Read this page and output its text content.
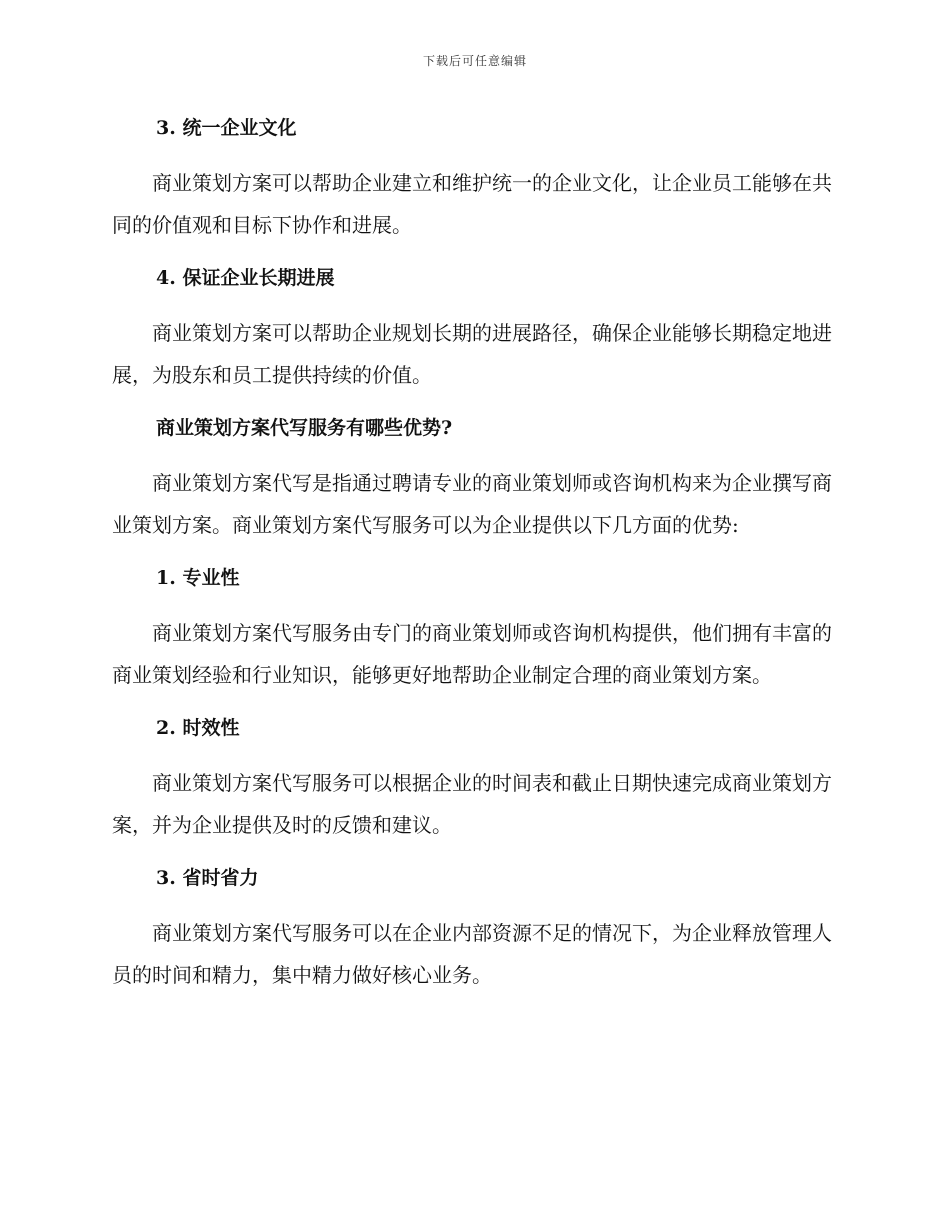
下载后可任意编辑
3. 统一企业文化

商业策划方案可以帮助企业建立和维护统一的企业文化，让企业员工能够在共同的价值观和目标下协作和进展。

4. 保证企业长期进展

商业策划方案可以帮助企业规划长期的进展路径，确保企业能够长期稳定地进展，为股东和员工提供持续的价值。

商业策划方案代写服务有哪些优势?

商业策划方案代写是指通过聘请专业的商业策划师或咨询机构来为企业撰写商业策划方案。商业策划方案代写服务可以为企业提供以下几方面的优势:

1. 专业性

商业策划方案代写服务由专门的商业策划师或咨询机构提供，他们拥有丰富的商业策划经验和行业知识，能够更好地帮助企业制定合理的商业策划方案。

2. 时效性

商业策划方案代写服务可以根据企业的时间表和截止日期快速完成商业策划方案，并为企业提供及时的反馈和建议。

3. 省时省力

商业策划方案代写服务可以在企业内部资源不足的情况下，为企业释放管理人员的时间和精力，集中精力做好核心业务。
